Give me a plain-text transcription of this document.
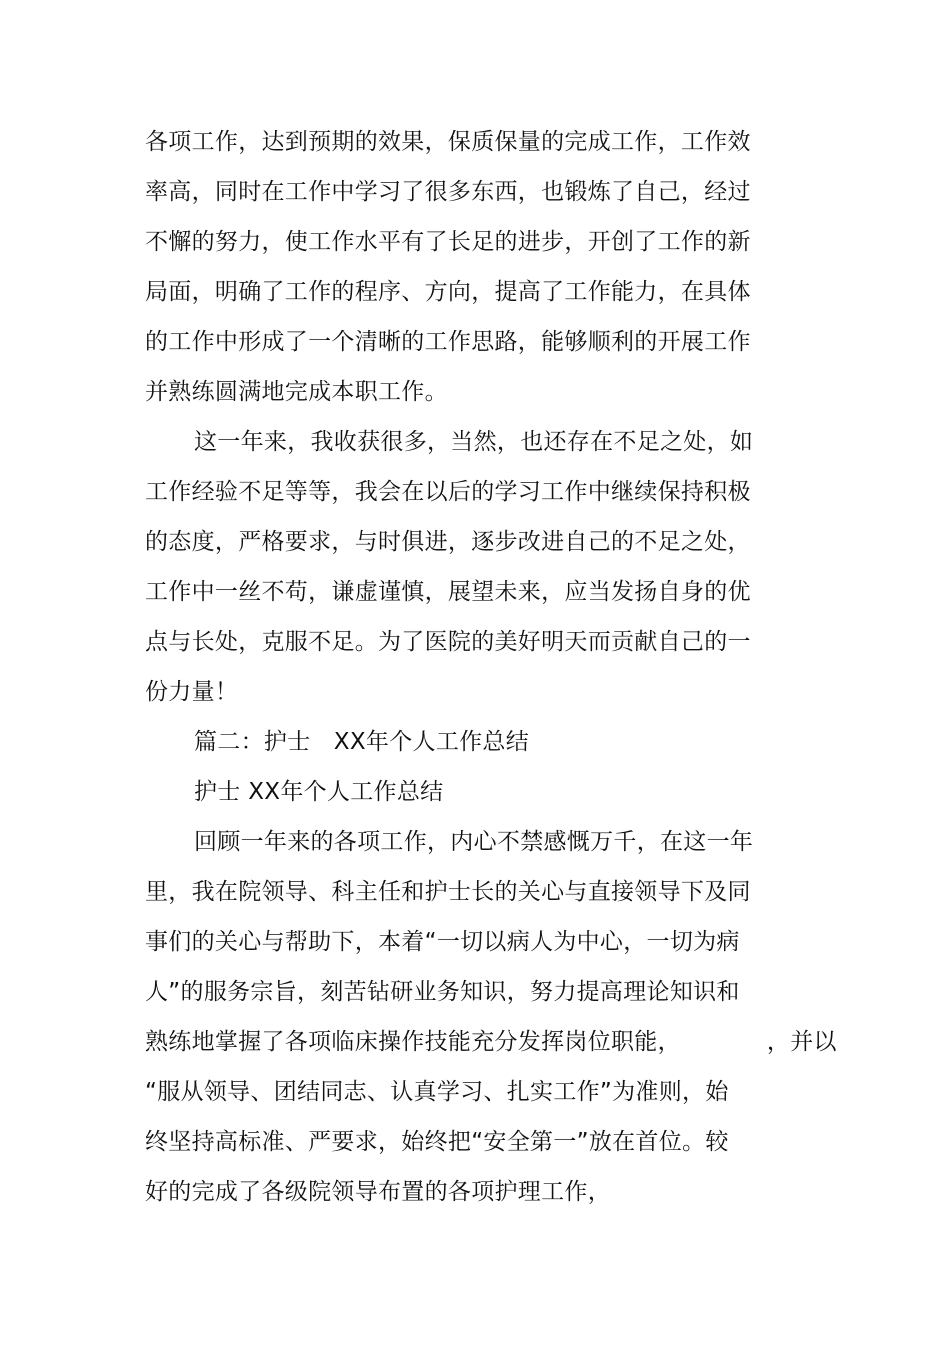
各项工作，达到预期的效果，保质保量的完成工作，工作效
率高，同时在工作中学习了很多东西，也锻炼了自己，经过
不懈的努力，使工作水平有了长足的进步，开创了工作的新
局面，明确了工作的程序、方向，提高了工作能力，在具体
的工作中形成了一个清晰的工作思路，能够顺利的开展工作
并熟练圆满地完成本职工作。
这一年来，我收获很多，当然，也还存在不足之处，如
工作经验不足等等，我会在以后的学习工作中继续保持积极
的态度，严格要求，与时俱进，逐步改进自己的不足之处，
工作中一丝不苟，谦虚谨慎，展望未来，应当发扬自身的优
点与长处，克服不足。为了医院的美好明天而贡献自己的一
份力量！
篇二：护士　XX年个人工作总结
护士 XX年个人工作总结
回顾一年来的各项工作，内心不禁感慨万千，在这一年
里，我在院领导、科主任和护士长的关心与直接领导下及同
事们的关心与帮助下，本着“一切以病人为中心，一切为病
人”的服务宗旨，刻苦钻研业务知识，努力提高理论知识和
熟练地掌握了各项临床操作技能充分发挥岗位职能，	，并以
“服从领导、团结同志、认真学习、扎实工作”为准则，始
终坚持高标准、严要求，始终把“安全第一”放在首位。较
好的完成了各级院领导布置的各项护理工作，
